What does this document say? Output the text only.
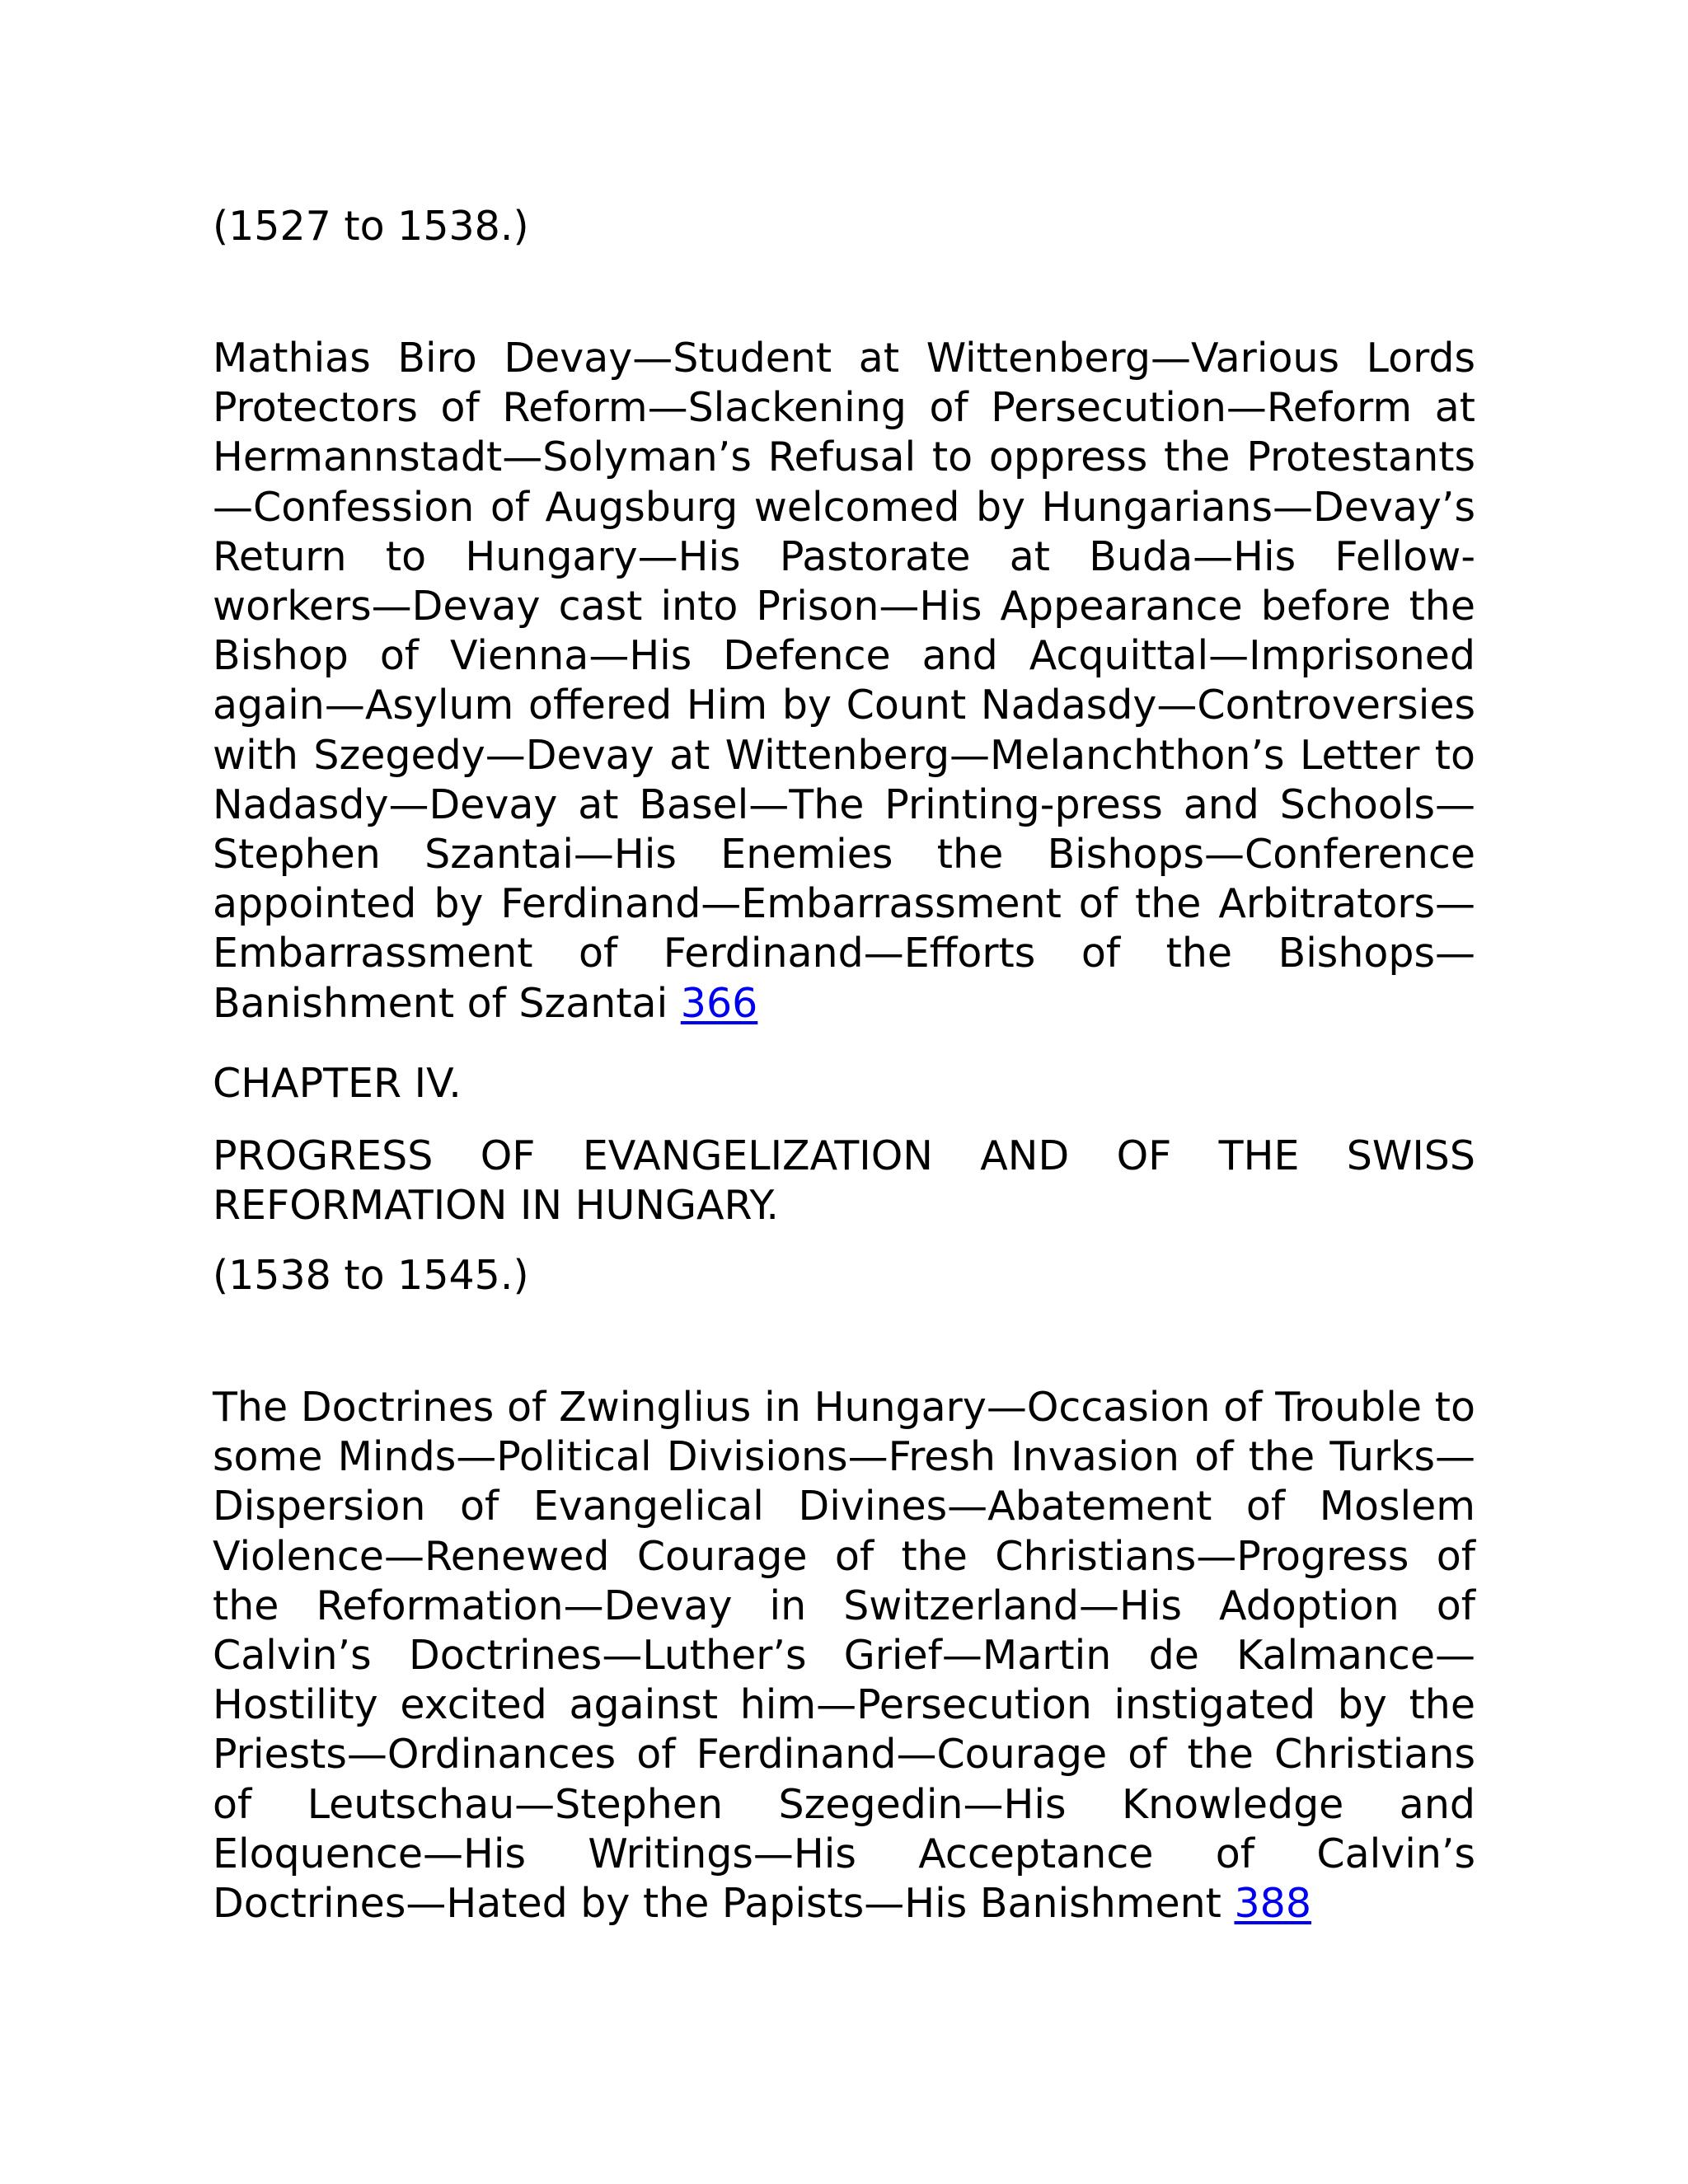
(1527 to 1538.)

Mathias Biro Devay—Student at Wittenberg—Various Lords Protectors of Reform—Slackening of Persecution—Reform at Hermannstadt—Solyman’s Refusal to oppress the Protestants—Confession of Augsburg welcomed by Hungarians—Devay’s Return to Hungary—His Pastorate at Buda—His Fellow-workers—Devay cast into Prison—His Appearance before the Bishop of Vienna—His Defence and Acquittal—Imprisoned again—Asylum offered Him by Count Nadasdy—Controversies with Szegedy—Devay at Wittenberg—Melanchthon’s Letter to Nadasdy—Devay at Basel—The Printing-press and Schools—Stephen Szantai—His Enemies the Bishops—Conference appointed by Ferdinand—Embarrassment of the Arbitrators—Embarrassment of Ferdinand—Efforts of the Bishops—Banishment of Szantai 366

CHAPTER IV.

PROGRESS OF EVANGELIZATION AND OF THE SWISS REFORMATION IN HUNGARY.

(1538 to 1545.)

The Doctrines of Zwinglius in Hungary—Occasion of Trouble to some Minds—Political Divisions—Fresh Invasion of the Turks—Dispersion of Evangelical Divines—Abatement of Moslem Violence—Renewed Courage of the Christians—Progress of the Reformation—Devay in Switzerland—His Adoption of Calvin’s Doctrines—Luther’s Grief—Martin de Kalmance—Hostility excited against him—Persecution instigated by the Priests—Ordinances of Ferdinand—Courage of the Christians of Leutschau—Stephen Szegedin—His Knowledge and Eloquence—His Writings—His Acceptance of Calvin’s Doctrines—Hated by the Papists—His Banishment 388
